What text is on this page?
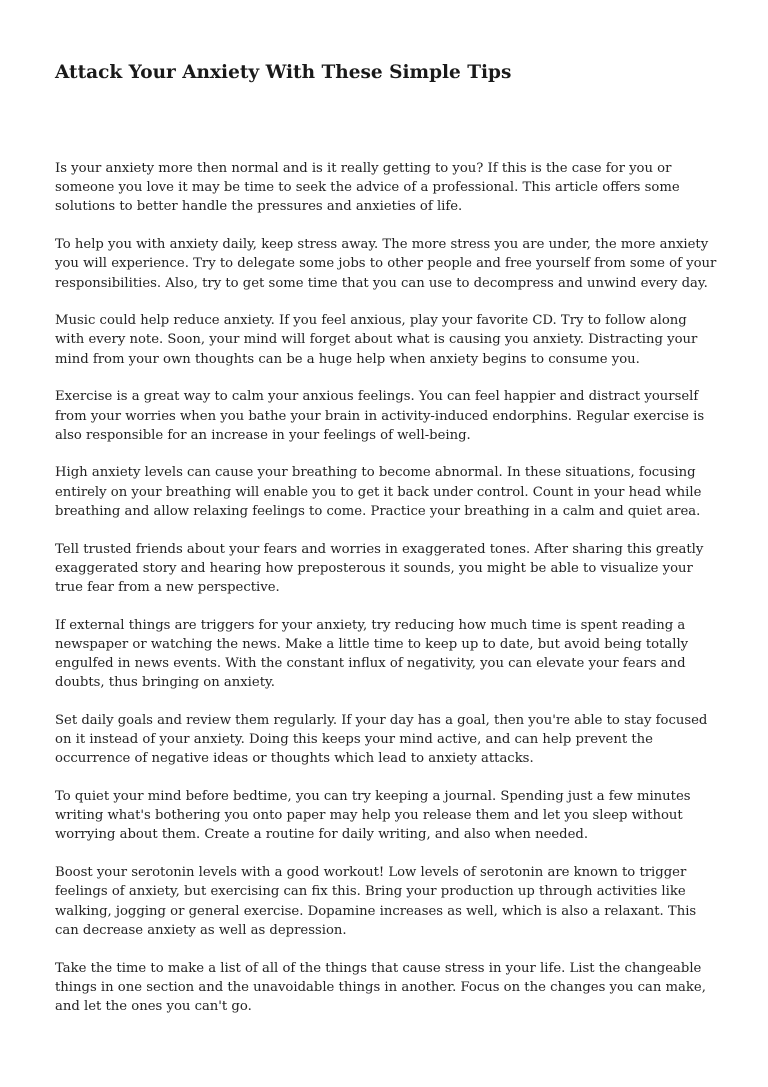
Attack Your Anxiety With These Simple Tips

Is your anxiety more then normal and is it really getting to you? If this is the case for you or someone you love it may be time to seek the advice of a professional. This article offers some solutions to better handle the pressures and anxieties of life.

To help you with anxiety daily, keep stress away. The more stress you are under, the more anxiety you will experience. Try to delegate some jobs to other people and free yourself from some of your responsibilities. Also, try to get some time that you can use to decompress and unwind every day.

Music could help reduce anxiety. If you feel anxious, play your favorite CD. Try to follow along with every note. Soon, your mind will forget about what is causing you anxiety. Distracting your mind from your own thoughts can be a huge help when anxiety begins to consume you.

Exercise is a great way to calm your anxious feelings. You can feel happier and distract yourself from your worries when you bathe your brain in activity-induced endorphins. Regular exercise is also responsible for an increase in your feelings of well-being.

High anxiety levels can cause your breathing to become abnormal. In these situations, focusing entirely on your breathing will enable you to get it back under control. Count in your head while breathing and allow relaxing feelings to come. Practice your breathing in a calm and quiet area.

Tell trusted friends about your fears and worries in exaggerated tones. After sharing this greatly exaggerated story and hearing how preposterous it sounds, you might be able to visualize your true fear from a new perspective.

If external things are triggers for your anxiety, try reducing how much time is spent reading a newspaper or watching the news. Make a little time to keep up to date, but avoid being totally engulfed in news events. With the constant influx of negativity, you can elevate your fears and doubts, thus bringing on anxiety.

Set daily goals and review them regularly. If your day has a goal, then you're able to stay focused on it instead of your anxiety. Doing this keeps your mind active, and can help prevent the occurrence of negative ideas or thoughts which lead to anxiety attacks.

To quiet your mind before bedtime, you can try keeping a journal. Spending just a few minutes writing what's bothering you onto paper may help you release them and let you sleep without worrying about them. Create a routine for daily writing, and also when needed.

Boost your serotonin levels with a good workout! Low levels of serotonin are known to trigger feelings of anxiety, but exercising can fix this. Bring your production up through activities like walking, jogging or general exercise. Dopamine increases as well, which is also a relaxant. This can decrease anxiety as well as depression.

Take the time to make a list of all of the things that cause stress in your life. List the changeable things in one section and the unavoidable things in another. Focus on the changes you can make, and let the ones you can't go.
